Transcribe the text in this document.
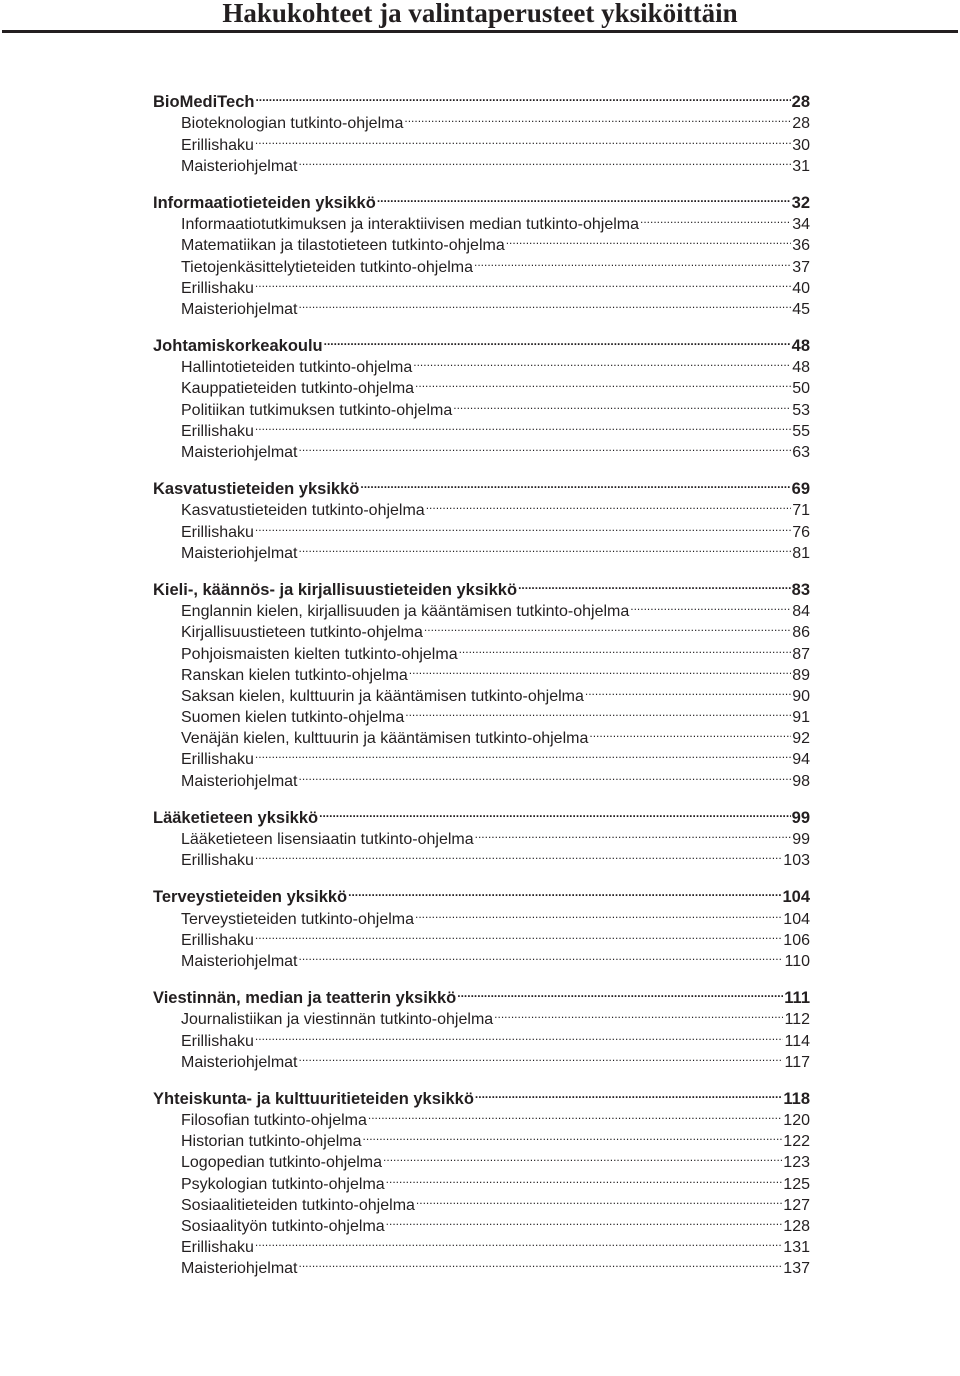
Hakukohteet ja valintaperusteet yksiköittäin
BioMediTech .....	28
Bioteknologian tutkinto-ohjelma .....	28
Erillishaku .....	30
Maisteriohjelmat .....	31
Informaatiotieteiden yksikkö .....	32
Informaatiotutkimuksen ja interaktiivisen median tutkinto-ohjelma .....	34
Matematiikan ja tilastotieteen tutkinto-ohjelma .....	36
Tietojenkäsittelytieteiden tutkinto-ohjelma .....	37
Erillishaku .....	40
Maisteriohjelmat .....	45
Johtamiskorkeakoulu .....	48
Hallintotieteiden tutkinto-ohjelma .....	48
Kauppatieteiden tutkinto-ohjelma .....	50
Politiikan tutkimuksen tutkinto-ohjelma .....	53
Erillishaku .....	55
Maisteriohjelmat .....	63
Kasvatustieteiden yksikkö .....	69
Kasvatustieteiden tutkinto-ohjelma .....	71
Erillishaku .....	76
Maisteriohjelmat .....	81
Kieli-, käännös- ja kirjallisuustieteiden yksikkö .....	83
Englannin kielen, kirjallisuuden ja kääntämisen tutkinto-ohjelma .....	84
Kirjallisuustieteen tutkinto-ohjelma .....	86
Pohjoismaisten kielten tutkinto-ohjelma .....	87
Ranskan kielen tutkinto-ohjelma .....	89
Saksan kielen, kulttuurin ja kääntämisen tutkinto-ohjelma .....	90
Suomen kielen tutkinto-ohjelma .....	91
Venäjän kielen, kulttuurin ja kääntämisen tutkinto-ohjelma .....	92
Erillishaku .....	94
Maisteriohjelmat .....	98
Lääketieteen yksikkö .....	99
Lääketieteen lisensiaatin tutkinto-ohjelma .....	99
Erillishaku .....	103
Terveystieteiden yksikkö .....	104
Terveystieteiden tutkinto-ohjelma .....	104
Erillishaku .....	106
Maisteriohjelmat .....	110
Viestinnän, median ja teatterin yksikkö .....	111
Journalistiikan ja viestinnän tutkinto-ohjelma .....	112
Erillishaku .....	114
Maisteriohjelmat .....	117
Yhteiskunta- ja kulttuuritieteiden yksikkö .....	118
Filosofian tutkinto-ohjelma .....	120
Historian tutkinto-ohjelma .....	122
Logopedian tutkinto-ohjelma .....	123
Psykologian tutkinto-ohjelma .....	125
Sosiaalitieteiden tutkinto-ohjelma .....	127
Sosiaalityön tutkinto-ohjelma .....	128
Erillishaku .....	131
Maisteriohjelmat .....	137
